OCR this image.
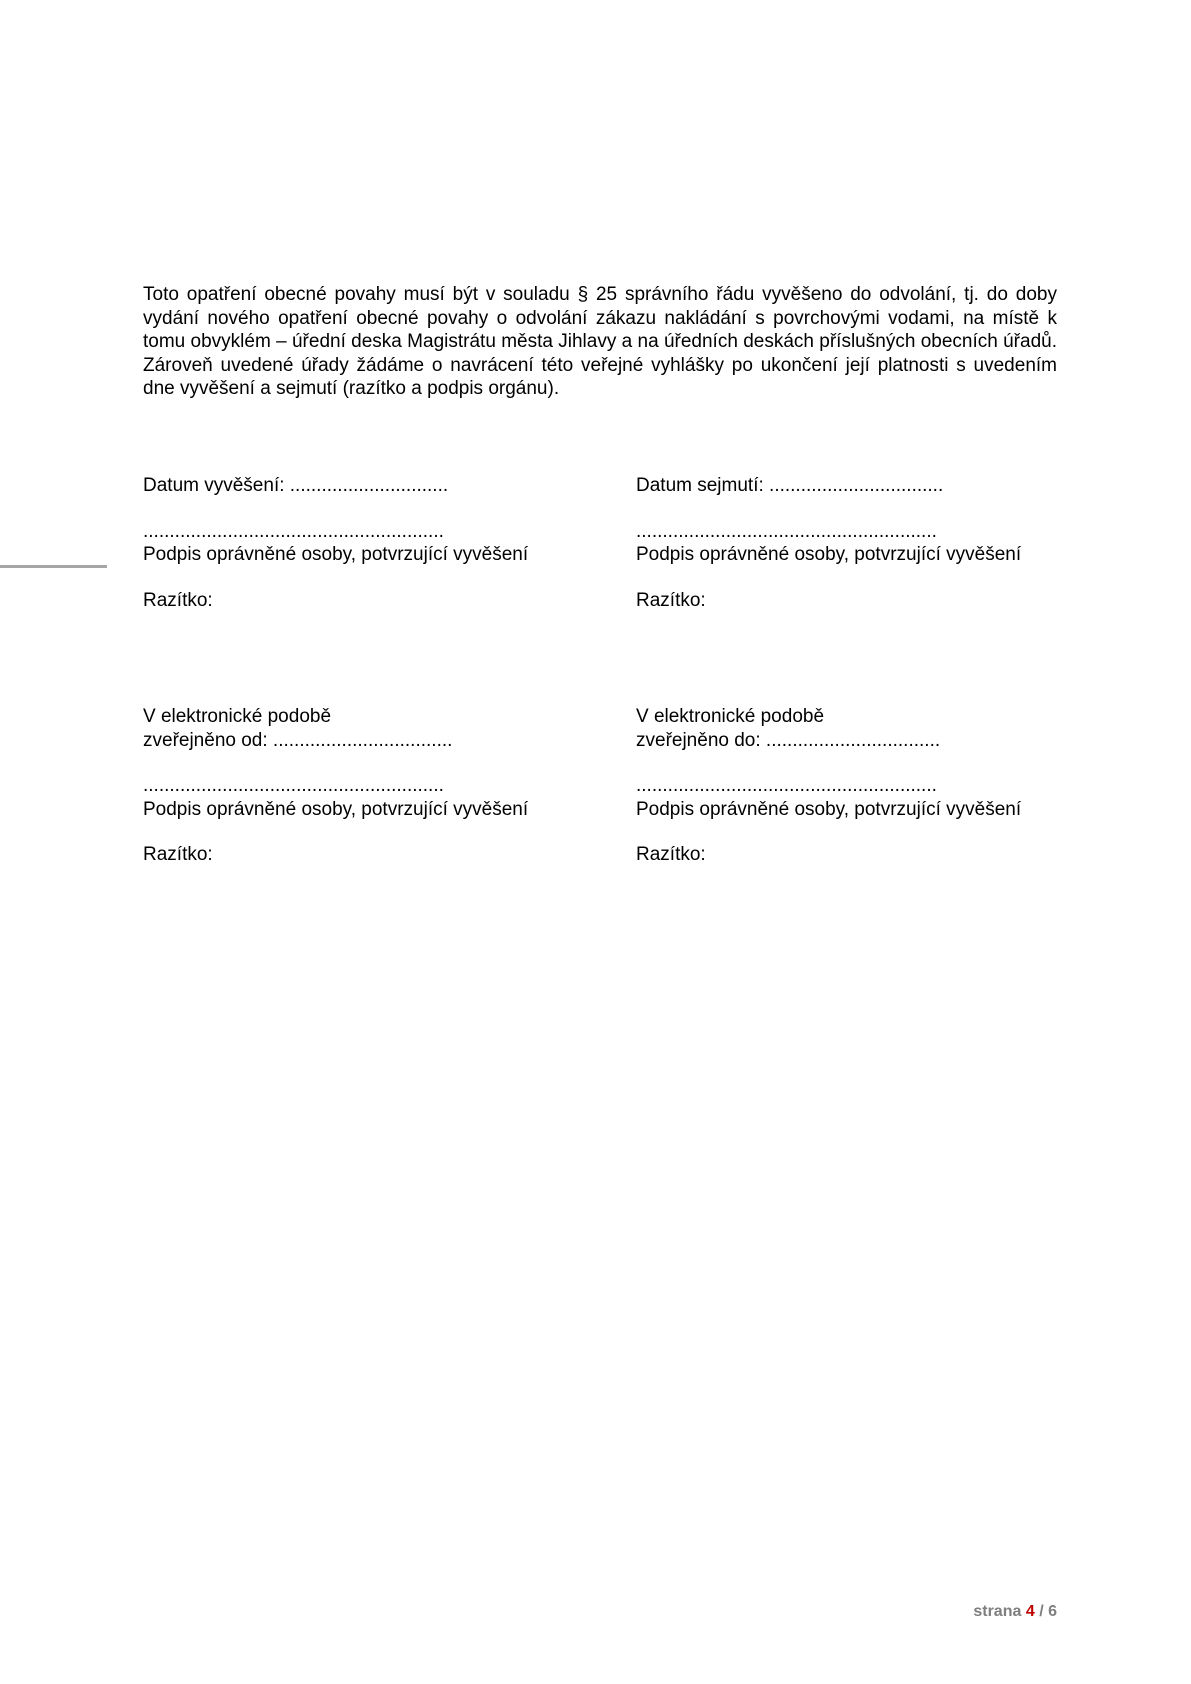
Toto opatření obecné povahy musí být v souladu § 25 správního řádu vyvěšeno do odvolání, tj. do doby vydání nového opatření obecné povahy o odvolání zákazu nakládání s povrchovými vodami, na místě k tomu obvyklém – úřední deska Magistrátu města Jihlavy a na úředních deskách příslušných obecních úřadů. Zároveň uvedené úřady žádáme o navrácení této veřejné vyhlášky po ukončení její platnosti s uvedením dne vyvěšení a sejmutí (razítko a podpis orgánu).

Datum vyvěšení: ..............................
.........................................................
Podpis oprávněné osoby, potvrzující vyvěšení
Razítko:
Datum sejmutí: .................................
.........................................................
Podpis oprávněné osoby, potvrzující vyvěšení
Razítko:
V elektronické podobě
zveřejněno od: ..................................
.........................................................
Podpis oprávněné osoby, potvrzující vyvěšení
Razítko:
V elektronické podobě
zveřejněno do: .................................
.........................................................
Podpis oprávněné osoby, potvrzující vyvěšení
Razítko:
strana 4 / 6
